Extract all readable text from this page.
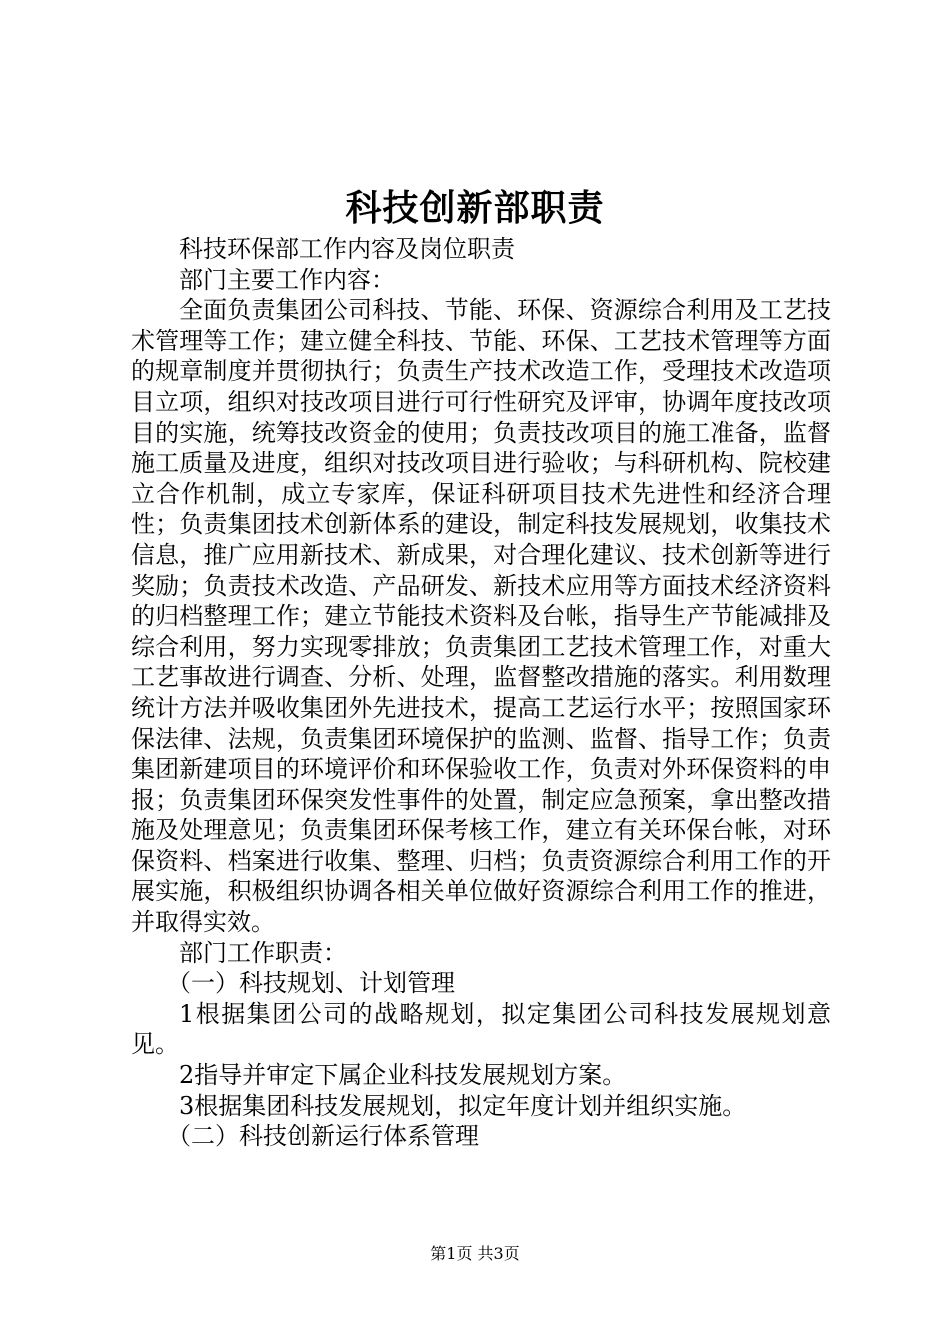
科技创新部职责

科技环保部工作内容及岗位职责

部门主要工作内容：

全面负责集团公司科技、节能、环保、资源综合利用及工艺技术管理等工作；建立健全科技、节能、环保、工艺技术管理等方面的规章制度并贯彻执行；负责生产技术改造工作，受理技术改造项目立项，组织对技改项目进行可行性研究及评审，协调年度技改项目的实施，统筹技改资金的使用；负责技改项目的施工准备，监督施工质量及进度，组织对技改项目进行验收；与科研机构、院校建立合作机制，成立专家库，保证科研项目技术先进性和经济合理性；负责集团技术创新体系的建设，制定科技发展规划，收集技术信息，推广应用新技术、新成果，对合理化建议、技术创新等进行奖励；负责技术改造、产品研发、新技术应用等方面技术经济资料的归档整理工作；建立节能技术资料及台帐，指导生产节能减排及综合利用，努力实现零排放；负责集团工艺技术管理工作，对重大工艺事故进行调查、分析、处理，监督整改措施的落实。利用数理统计方法并吸收集团外先进技术，提高工艺运行水平；按照国家环保法律、法规，负责集团环境保护的监测、监督、指导工作；负责集团新建项目的环境评价和环保验收工作，负责对外环保资料的申报；负责集团环保突发性事件的处置，制定应急预案，拿出整改措施及处理意见；负责集团环保考核工作，建立有关环保台帐，对环保资料、档案进行收集、整理、归档；负责资源综合利用工作的开展实施，积极组织协调各相关单位做好资源综合利用工作的推进，并取得实效。

部门工作职责：

（一）科技规划、计划管理

1根据集团公司的战略规划，拟定集团公司科技发展规划意见。

2指导并审定下属企业科技发展规划方案。

3根据集团科技发展规划，拟定年度计划并组织实施。

（二）科技创新运行体系管理

第1页 共3页
